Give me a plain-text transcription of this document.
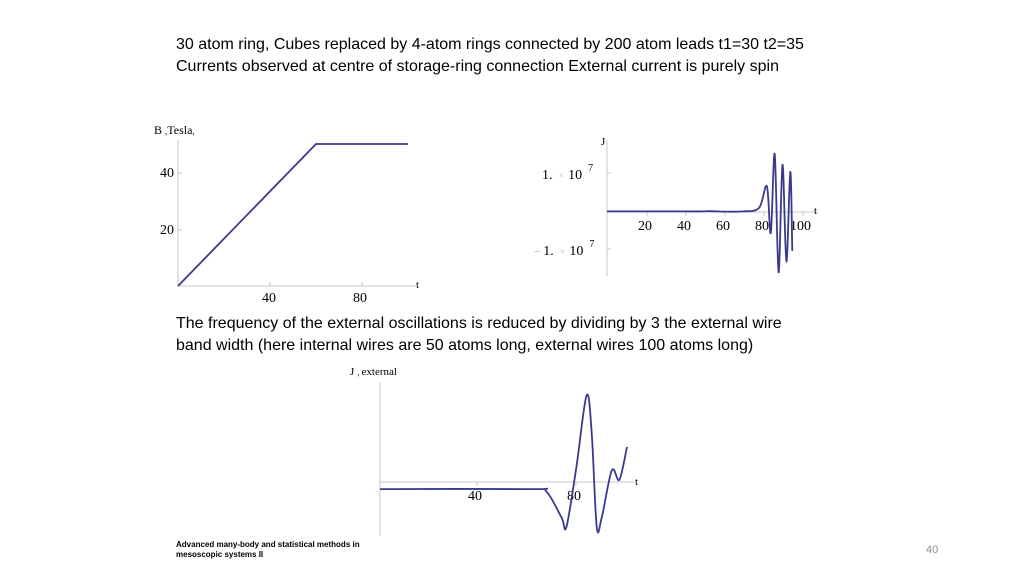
30 atom ring, Cubes replaced by 4-atom rings connected by 200 atom leads t1=30 t2=35
Currents observed at centre of storage-ring connection External current is purely spin
B ,Tesla,
40
20
40	80
t
J
1. × 10 $^7$
− 1. × 10 $^7$
20 40 60 80 100
t
The frequency of the external oscillations is reduced by dividing by 3 the external wire
band width (here internal wires are 50 atoms long, external wires 100 atoms long)
J , external
40	80
t
Advanced many-body and statistical methods in
mesoscopic systems II	40
